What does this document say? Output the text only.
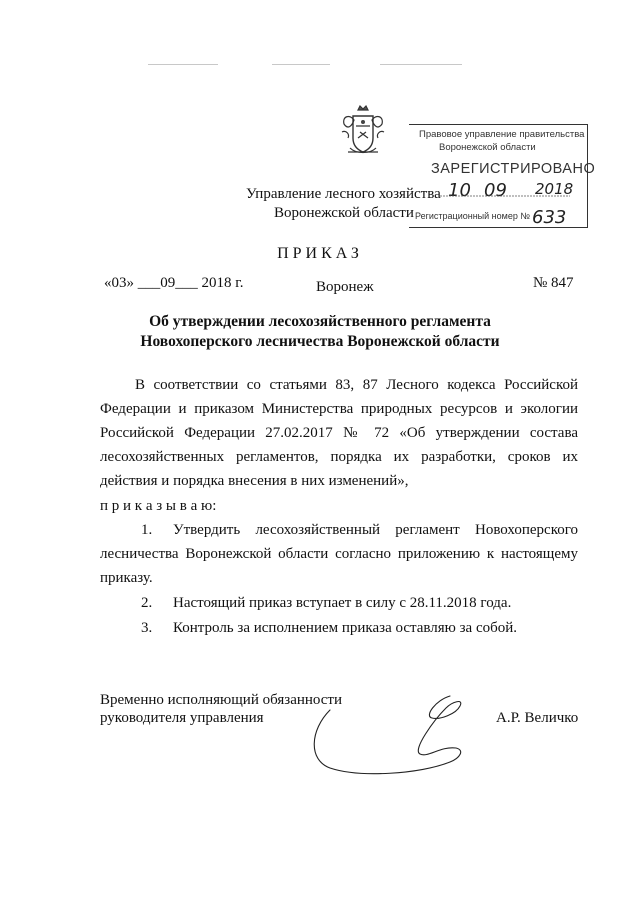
Правовое управление правительства
Воронежской области
ЗАРЕГИСТРИРОВАНО
Регистрационный номер №
10 09 2018
633
Управление лесного хозяйства
Воронежской области
ПРИКАЗ
«03» ___09___ 2018 г.	Воронеж	№ 847
Об утверждении лесохозяйственного регламента Новохоперского лесничества Воронежской области
В соответствии со статьями 83, 87 Лесного кодекса Российской Федерации и приказом Министерства природных ресурсов и экологии Российской Федерации 27.02.2017 № 72 «Об утверждении состава лесохозяйственных регламентов, порядка их разработки, сроков их действия и порядка внесения в них изменений»,
п р и к а з ы в а ю:
1.	Утвердить лесохозяйственный регламент Новохоперского лесничества Воронежской области согласно приложению к настоящему приказу.
2. Настоящий приказ вступает в силу с 28.11.2018 года.
3. Контроль за исполнением приказа оставляю за собой.
Временно исполняющий обязанности
руководителя управления	А.Р. Величко
